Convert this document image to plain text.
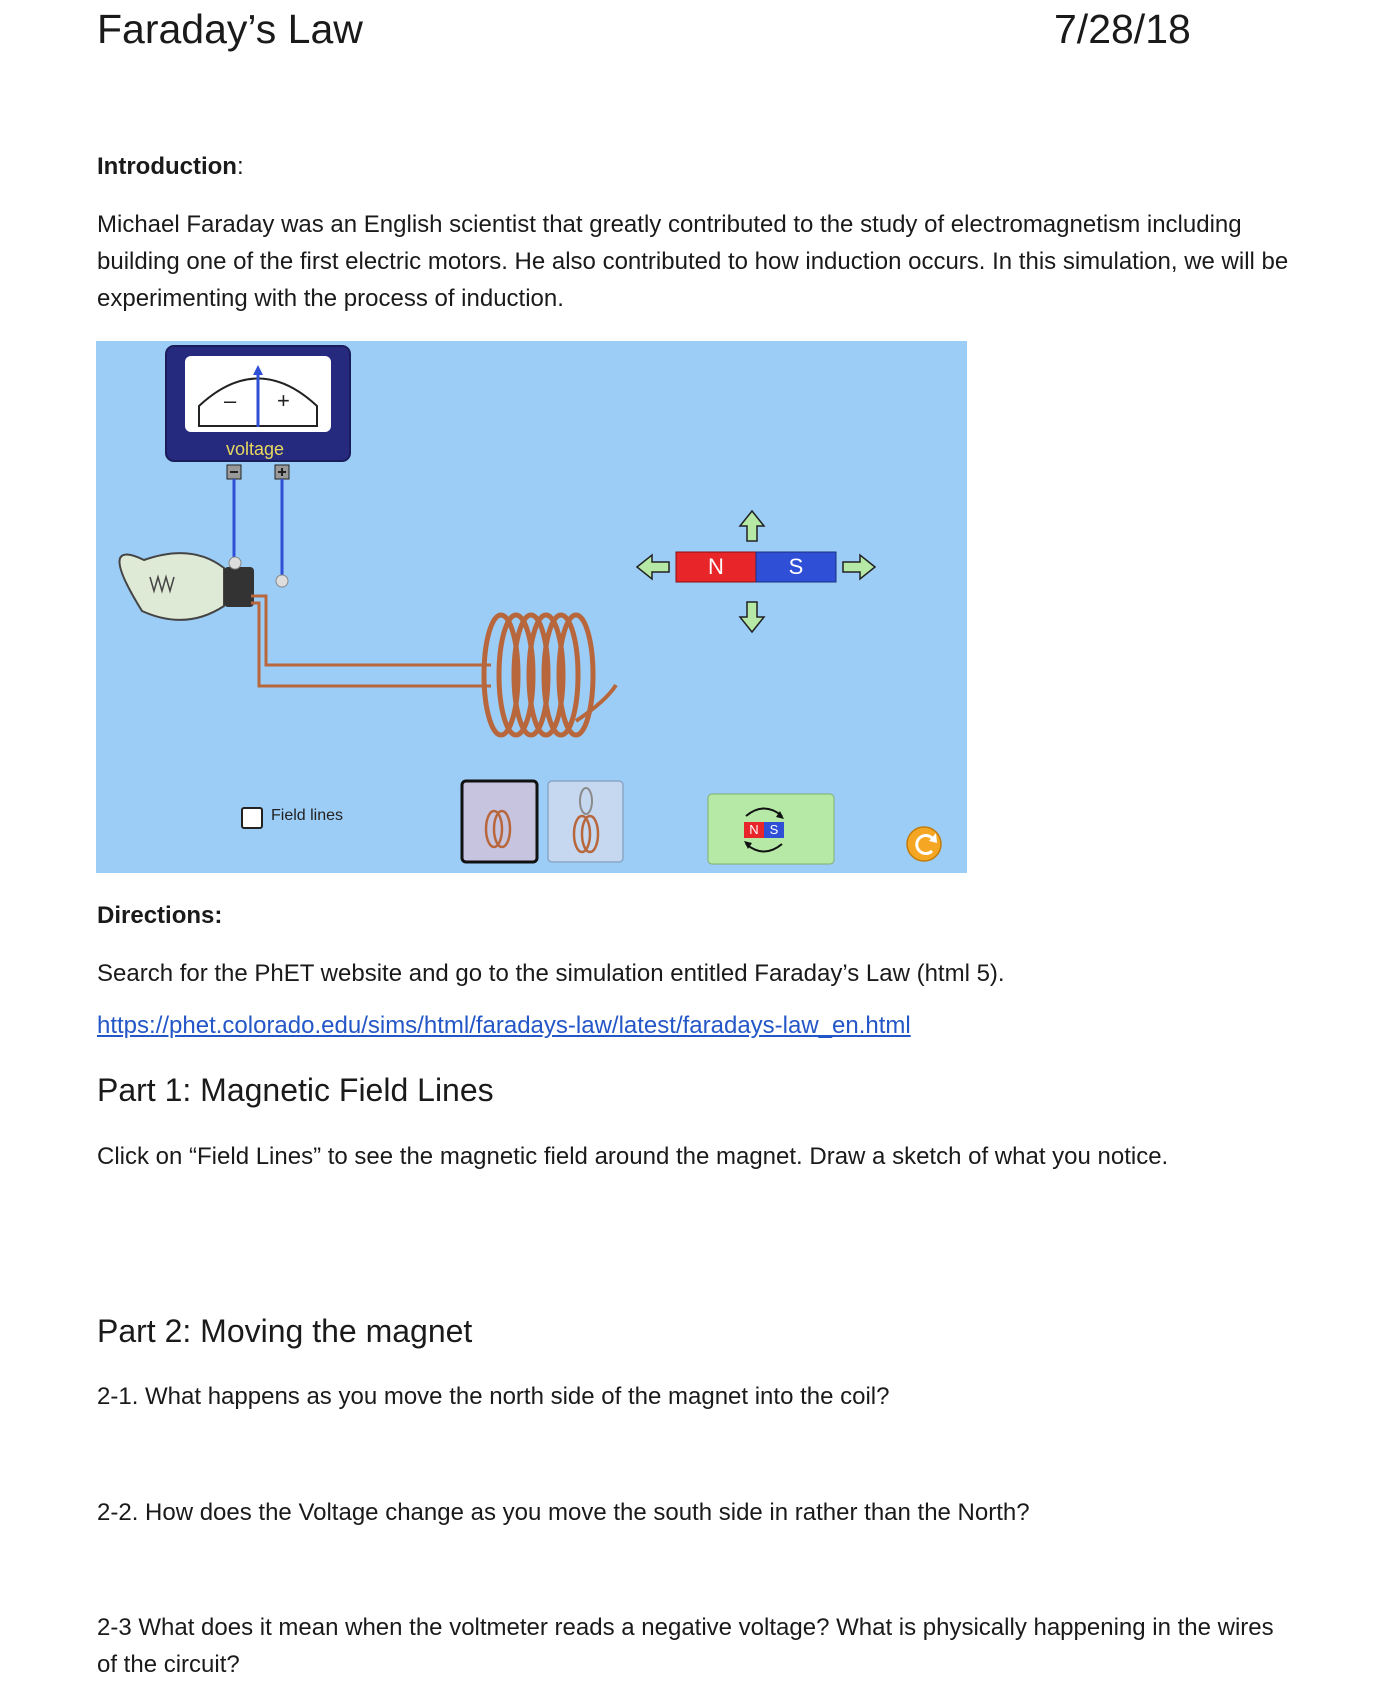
Faraday’s Law	7/28/18
Introduction:
Michael Faraday was an English scientist that greatly contributed to the study of electromagnetism including building one of the first electric motors. He also contributed to how induction occurs. In this simulation, we will be experimenting with the process of induction.
voltage
– +
Field lines
N	S
N S
Directions:
Search for the PhET website and go to the simulation entitled Faraday’s Law (html 5).
https://phet.colorado.edu/sims/html/faradays-law/latest/faradays-law_en.html
Part 1: Magnetic Field Lines
Click on “Field Lines” to see the magnetic field around the magnet. Draw a sketch of what you notice.
Part 2: Moving the magnet
2-1. What happens as you move the north side of the magnet into the coil?
2-2. How does the Voltage change as you move the south side in rather than the North?
2-3 What does it mean when the voltmeter reads a negative voltage? What is physically happening in the wires of the circuit?
